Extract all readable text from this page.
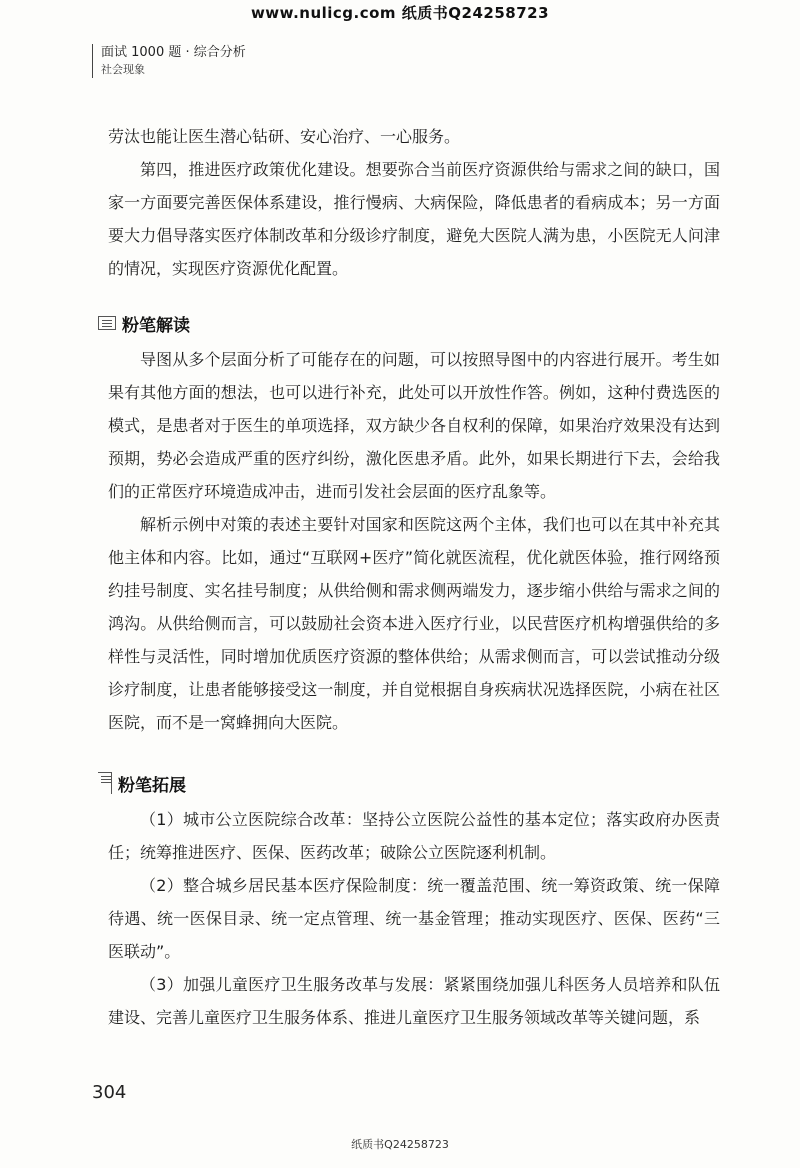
www.nulicg.com 纸质书Q24258723
面试 1000 题 · 综合分析
社会现象

劳汰也能让医生潜心钻研、安心治疗、一心服务。

第四，推进医疗政策优化建设。想要弥合当前医疗资源供给与需求之间的缺口，国家一方面要完善医保体系建设，推行慢病、大病保险，降低患者的看病成本；另一方面要大力倡导落实医疗体制改革和分级诊疗制度，避免大医院人满为患，小医院无人问津的情况，实现医疗资源优化配置。

粉笔解读

导图从多个层面分析了可能存在的问题，可以按照导图中的内容进行展开。考生如果有其他方面的想法，也可以进行补充，此处可以开放性作答。例如，这种付费选医的模式，是患者对于医生的单项选择，双方缺少各自权利的保障，如果治疗效果没有达到预期，势必会造成严重的医疗纠纷，激化医患矛盾。此外，如果长期进行下去，会给我们的正常医疗环境造成冲击，进而引发社会层面的医疗乱象等。

解析示例中对策的表述主要针对国家和医院这两个主体，我们也可以在其中补充其他主体和内容。比如，通过“互联网+医疗”简化就医流程，优化就医体验，推行网络预约挂号制度、实名挂号制度；从供给侧和需求侧两端发力，逐步缩小供给与需求之间的鸿沟。从供给侧而言，可以鼓励社会资本进入医疗行业，以民营医疗机构增强供给的多样性与灵活性，同时增加优质医疗资源的整体供给；从需求侧而言，可以尝试推动分级诊疗制度，让患者能够接受这一制度，并自觉根据自身疾病状况选择医院，小病在社区医院，而不是一窝蜂拥向大医院。

粉笔拓展

（1）城市公立医院综合改革：坚持公立医院公益性的基本定位；落实政府办医责任；统筹推进医疗、医保、医药改革；破除公立医院逐利机制。

（2）整合城乡居民基本医疗保险制度：统一覆盖范围、统一筹资政策、统一保障待遇、统一医保目录、统一定点管理、统一基金管理；推动实现医疗、医保、医药“三医联动”。

（3）加强儿童医疗卫生服务改革与发展：紧紧围绕加强儿科医务人员培养和队伍建设、完善儿童医疗卫生服务体系、推进儿童医疗卫生服务领域改革等关键问题，系

304
纸质书Q24258723
